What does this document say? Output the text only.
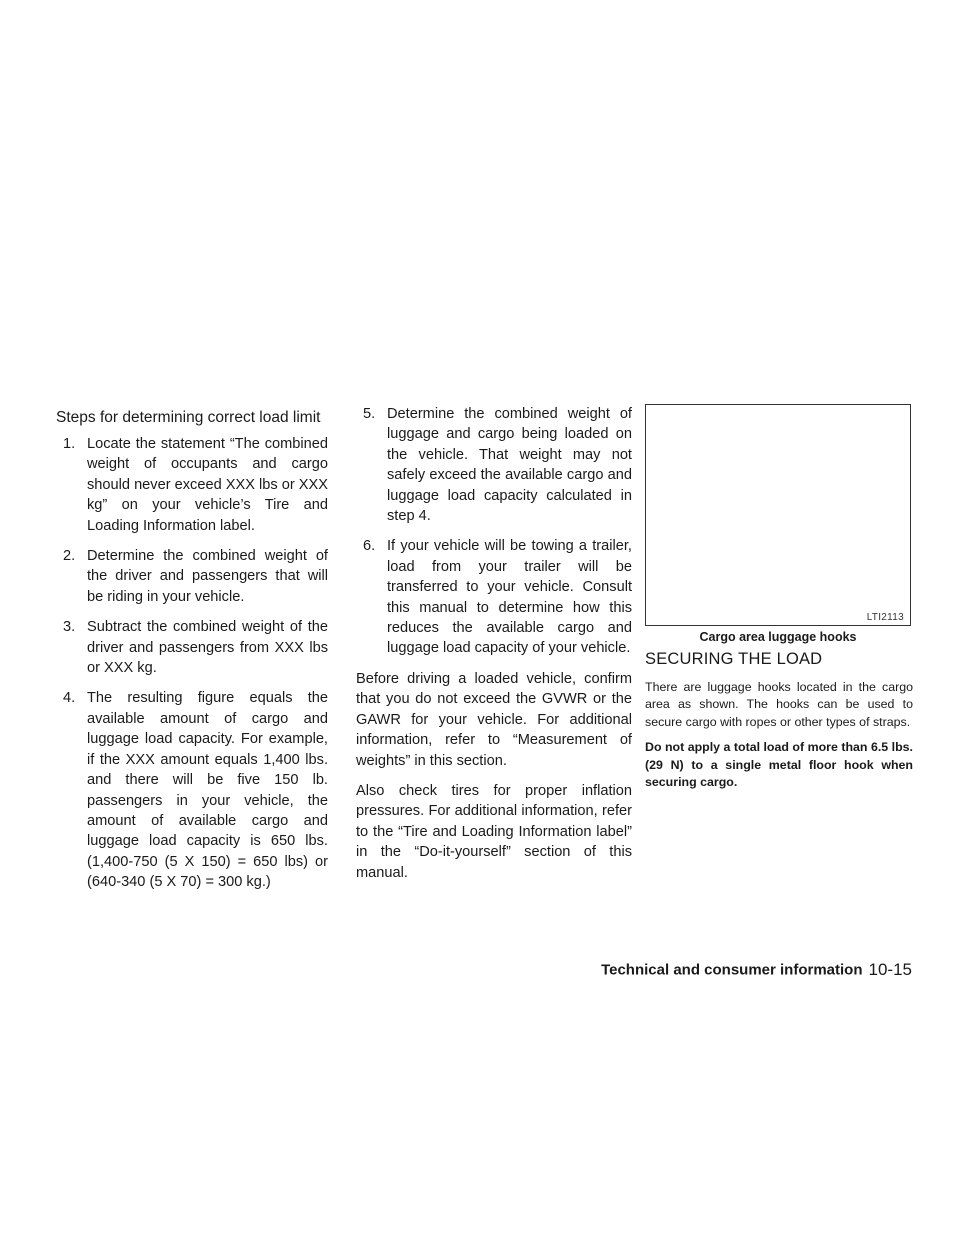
Steps for determining correct load limit
1. Locate the statement “The combined weight of occupants and cargo should never exceed XXX lbs or XXX kg” on your vehicle’s Tire and Loading Information label.
2. Determine the combined weight of the driver and passengers that will be riding in your vehicle.
3. Subtract the combined weight of the driver and passengers from XXX lbs or XXX kg.
4. The resulting figure equals the available amount of cargo and luggage load capacity. For example, if the XXX amount equals 1,400 lbs. and there will be five 150 lb. passengers in your vehicle, the amount of available cargo and luggage load capacity is 650 lbs. (1,400-750 (5 X 150) = 650 lbs) or (640-340 (5 X 70) = 300 kg.)
5. Determine the combined weight of luggage and cargo being loaded on the vehicle. That weight may not safely exceed the available cargo and luggage load capacity calculated in step 4.
6. If your vehicle will be towing a trailer, load from your trailer will be transferred to your vehicle. Consult this manual to determine how this reduces the available cargo and luggage load capacity of your vehicle.

Before driving a loaded vehicle, confirm that you do not exceed the GVWR or the GAWR for your vehicle. For additional information, refer to “Measurement of weights” in this section.

Also check tires for proper inflation pressures. For additional information, refer to the “Tire and Loading Information label” in the “Do-it-yourself” section of this manual.

LTI2113
Cargo area luggage hooks
SECURING THE LOAD

There are luggage hooks located in the cargo area as shown. The hooks can be used to secure cargo with ropes or other types of straps.

Do not apply a total load of more than 6.5 lbs. (29 N) to a single metal floor hook when securing cargo.

Technical and consumer information 10-15
